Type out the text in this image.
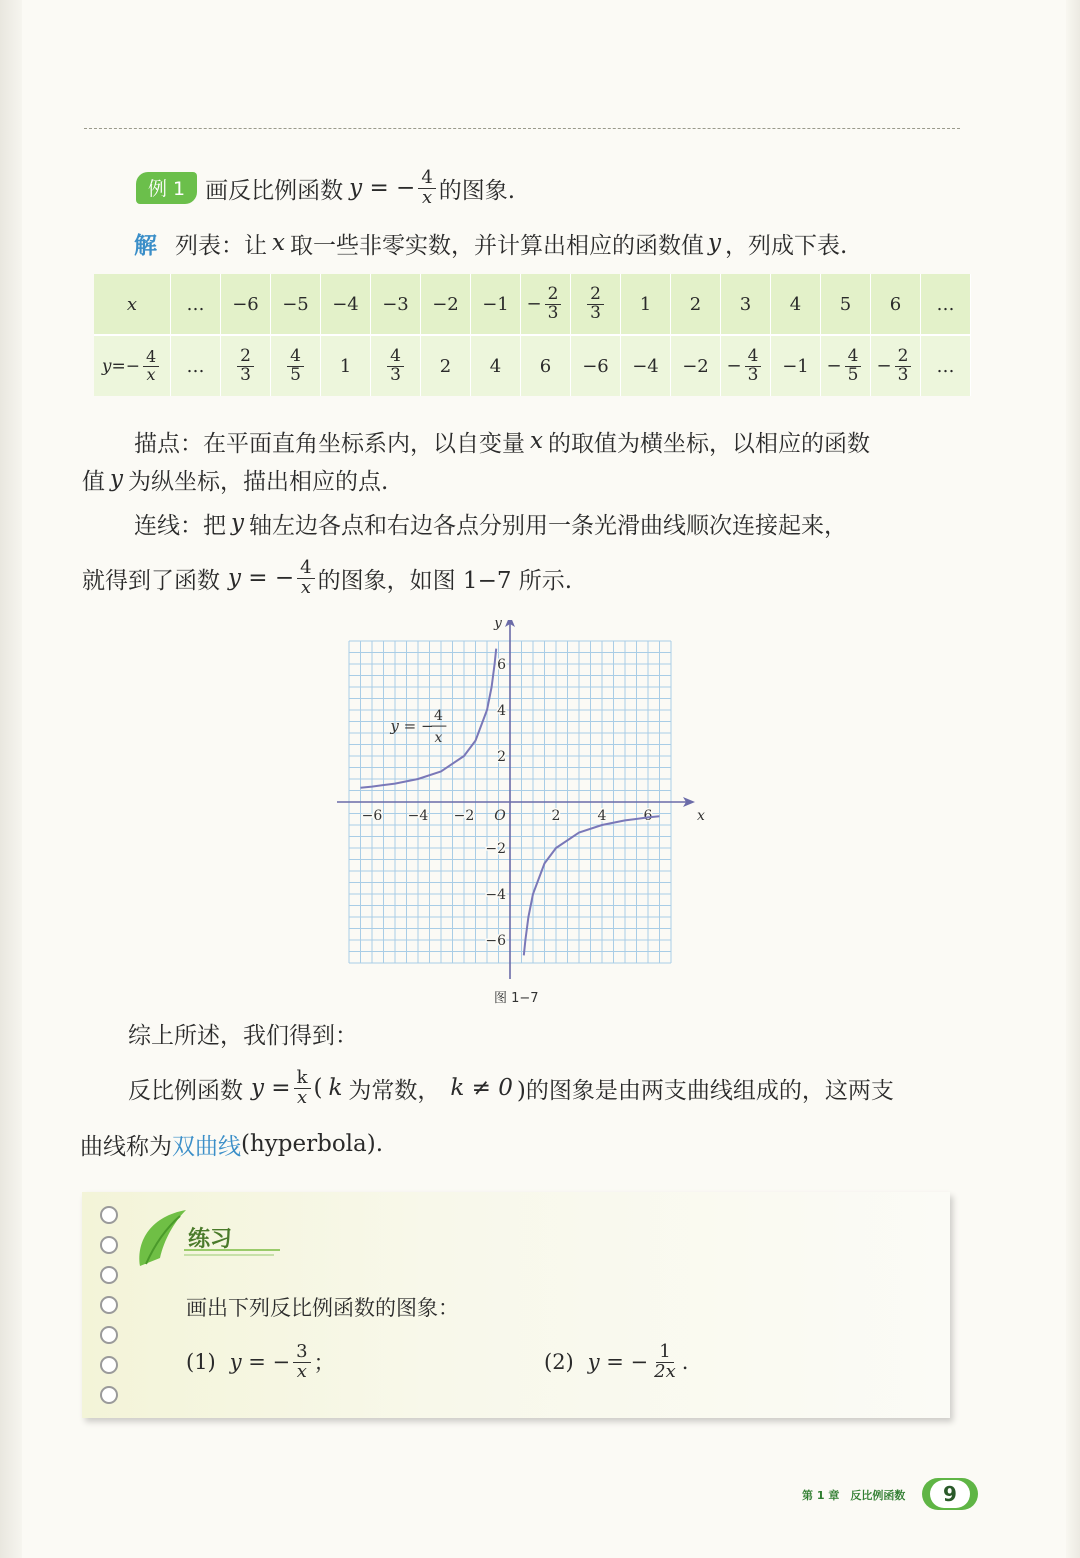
例 1 画反比例函数 y = − $\frac{4}{x}$ 的图象.
解 列表：让 x 取一些非零实数，并计算出相应的函数值 y ，列成下表.
x	…	−6	−5	−4	−3	−2	−1	− $\frac{2}{3}$	$\frac{2}{3}$	1	2	3	4	5	6	…
$y=- \frac{4}{x}$	…	$\frac{2}{3}$	$\frac{4}{5}$	1	$\frac{4}{3}$	2	4	6	−6	−4	−2	− $\frac{4}{3}$	−1	− $\frac{4}{5}$	− $\frac{2}{3}$	…
描点：在平面直角坐标系内，以自变量 x 的取值为横坐标，以相应的函数
值 y 为纵坐标，描出相应的点.
连线：把 y 轴左边各点和右边各点分别用一条光滑曲线顺次连接起来，
就得到了函数 y = − $\frac{4}{x}$ 的图象，如图 1−7 所示.
−6 −4 −2	2	4	6
−6
−4
−2
2
4
6
O	x
y
y = −
4
x
图 1−7
综上所述，我们得到：
反比例函数 $y = \frac{k}{x}$ ( k 为常数， k ≠ 0 )的图象是由两支曲线组成的，这两支
曲线称为 双曲线 (hyperbola).
练习
画出下列反比例函数的图象：
(1) y = − $\frac{3}{x}$ ；	(2) y = − $\frac{1}{2x}$ .
第 1 章　反比例函数	9
